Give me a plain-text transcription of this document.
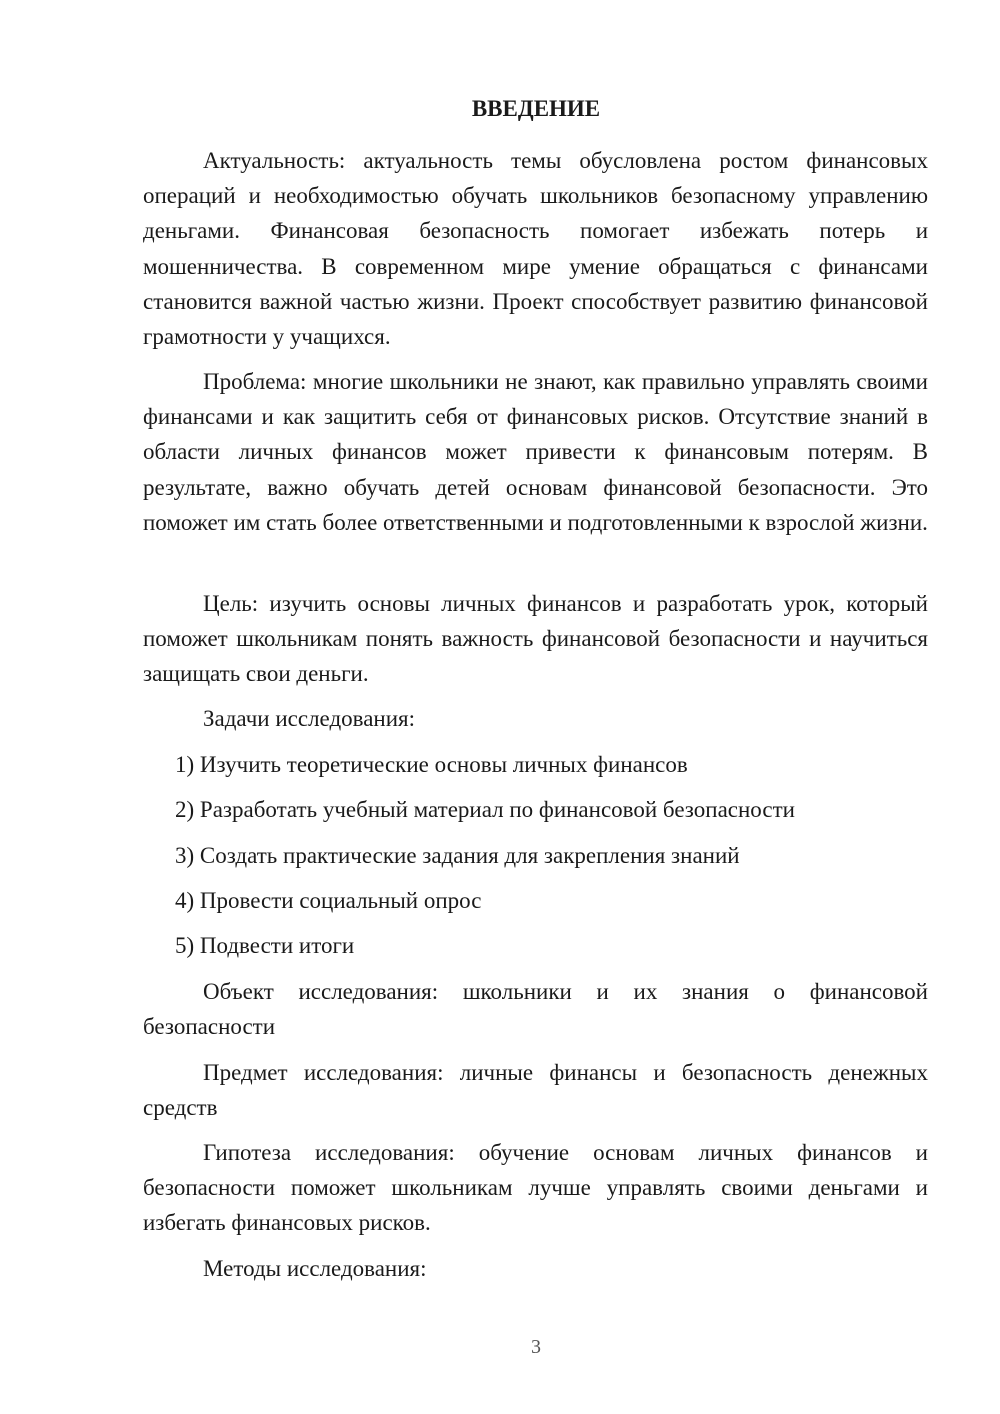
ВВЕДЕНИЕ

Актуальность: актуальность темы обусловлена ростом финансовых операций и необходимостью обучать школьников безопасному управлению деньгами. Финансовая безопасность помогает избежать потерь и мошенничества. В современном мире умение обращаться с финансами становится важной частью жизни. Проект способствует развитию финансовой грамотности у учащихся.

Проблема: многие школьники не знают, как правильно управлять своими финансами и как защитить себя от финансовых рисков. Отсутствие знаний в области личных финансов может привести к финансовым потерям. В результате, важно обучать детей основам финансовой безопасности. Это поможет им стать более ответственными и подготовленными к взрослой жизни.

Цель: изучить основы личных финансов и разработать урок, который поможет школьникам понять важность финансовой безопасности и научиться защищать свои деньги.

Задачи исследования:

1) Изучить теоретические основы личных финансов

2) Разработать учебный материал по финансовой безопасности

3) Создать практические задания для закрепления знаний

4) Провести социальный опрос

5) Подвести итоги

Объект исследования: школьники и их знания о финансовой безопасности

Предмет исследования: личные финансы и безопасность денежных средств

Гипотеза исследования: обучение основам личных финансов и безопасности поможет школьникам лучше управлять своими деньгами и избегать финансовых рисков.

Методы исследования:

3
